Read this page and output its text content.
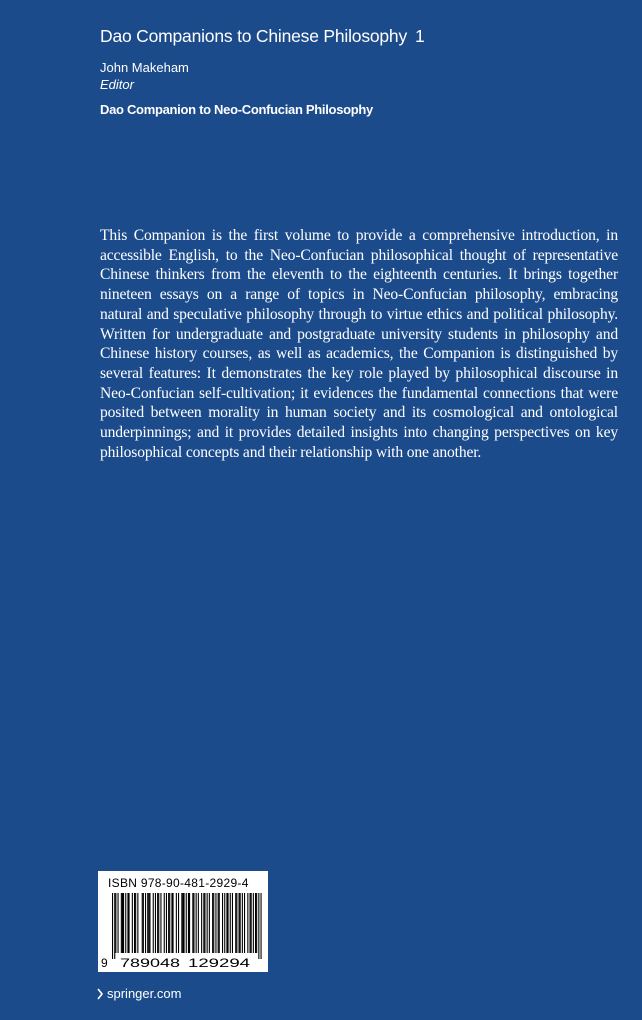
Dao Companions to Chinese Philosophy 1
John Makeham
Editor
Dao Companion to Neo-Confucian Philosophy

This Companion is the first volume to provide a comprehensive introduction, in accessible English, to the Neo-Confucian philosophical thought of representative Chinese thinkers from the eleventh to the eighteenth centuries. It brings together nineteen essays on a range of topics in Neo-Confucian philosophy, embracing natural and speculative philosophy through to virtue ethics and political philosophy. Written for undergraduate and postgraduate university students in philosophy and Chinese history courses, as well as academics, the Companion is distinguished by several features: It demonstrates the key role played by philosophical discourse in Neo-Confucian self-cultivation; it evidences the fundamental connections that were posited between morality in human society and its cosmological and ontological underpinnings; and it provides detailed insights into changing perspectives on key philosophical concepts and their relationship with one another.

ISBN 978-90-481-2929-4
9 789048 129294
springer.com
